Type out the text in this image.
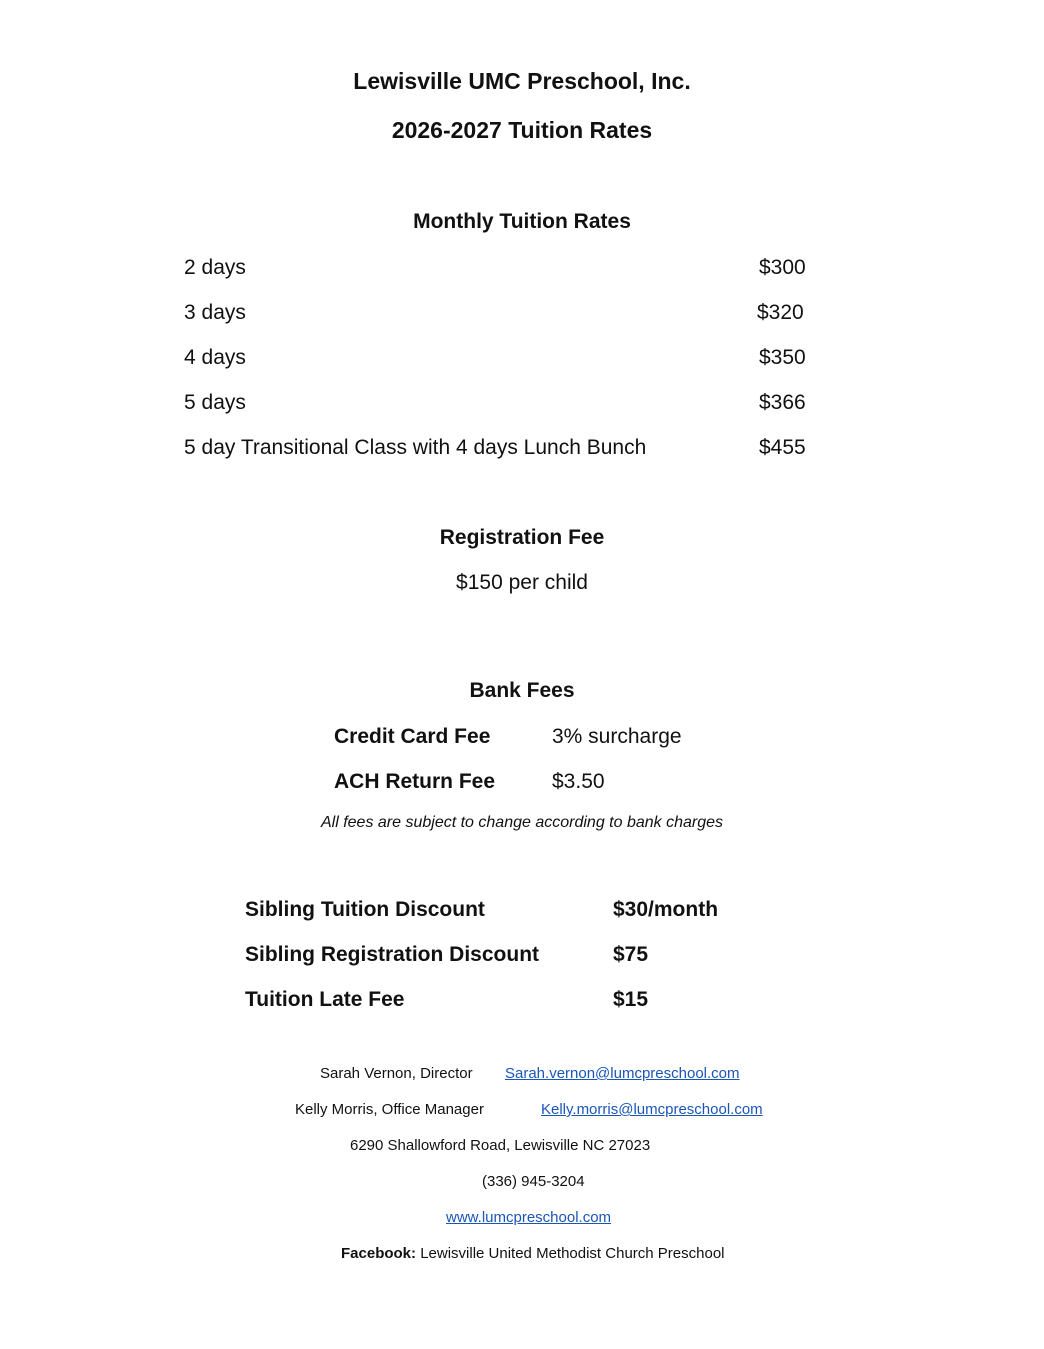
Lewisville UMC Preschool, Inc.
2026-2027 Tuition Rates
Monthly Tuition Rates
2 days	$300
3 days	$320
4 days	$350
5 days	$366
5 day Transitional Class with 4 days Lunch Bunch	$455
Registration Fee
$150 per child
Bank Fees
Credit Card Fee	3% surcharge
ACH Return Fee	$3.50
All fees are subject to change according to bank charges
Sibling Tuition Discount	$30/month
Sibling Registration Discount	$75
Tuition Late Fee	$15
Sarah Vernon, Director Sarah.vernon@lumcpreschool.com
Kelly Morris, Office Manager	Kelly.morris@lumcpreschool.com
6290 Shallowford Road, Lewisville NC 27023
(336) 945-3204
www.lumcpreschool.com
Facebook: Lewisville United Methodist Church Preschool
